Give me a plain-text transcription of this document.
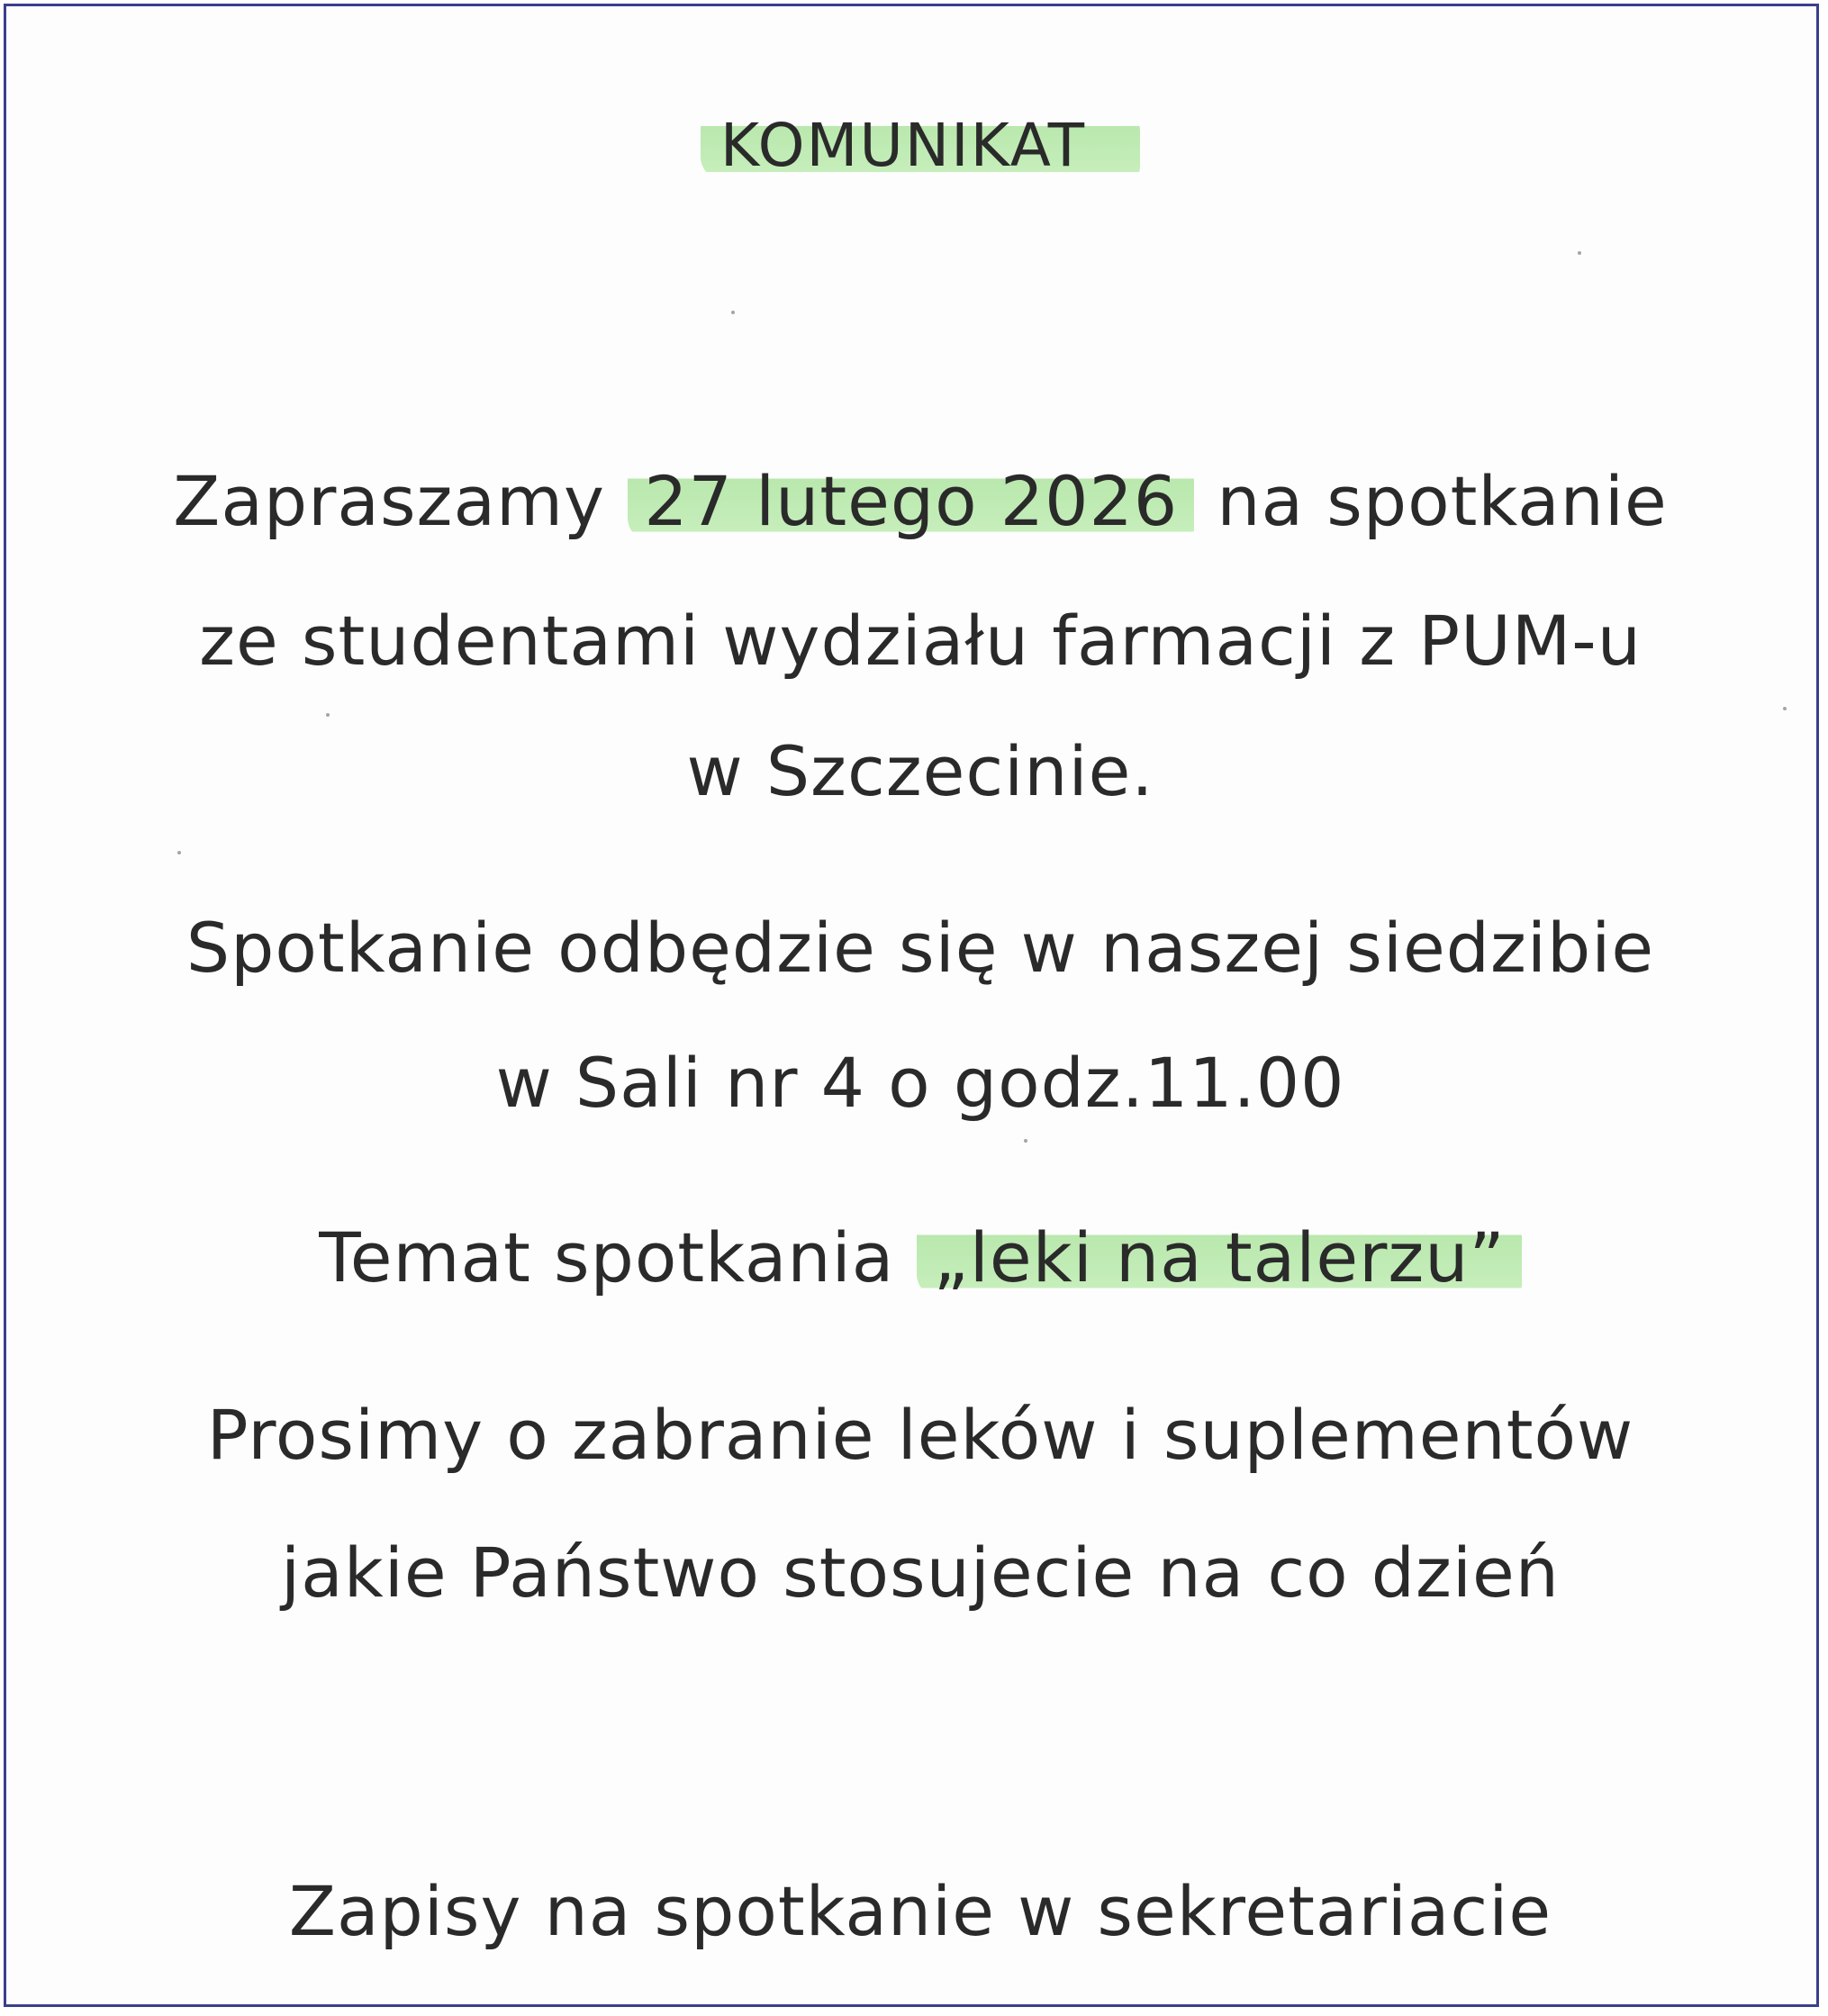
KOMUNIKAT
Zapraszamy 27 lutego 2026 na spotkanie
ze studentami wydziału farmacji z PUM-u
w Szczecinie.
Spotkanie odbędzie się w naszej siedzibie
w Sali nr 4 o godz.11.00
Temat spotkania „leki na talerzu”
Prosimy o zabranie leków i suplementów
jakie Państwo stosujecie na co dzień
Zapisy na spotkanie w sekretariacie
